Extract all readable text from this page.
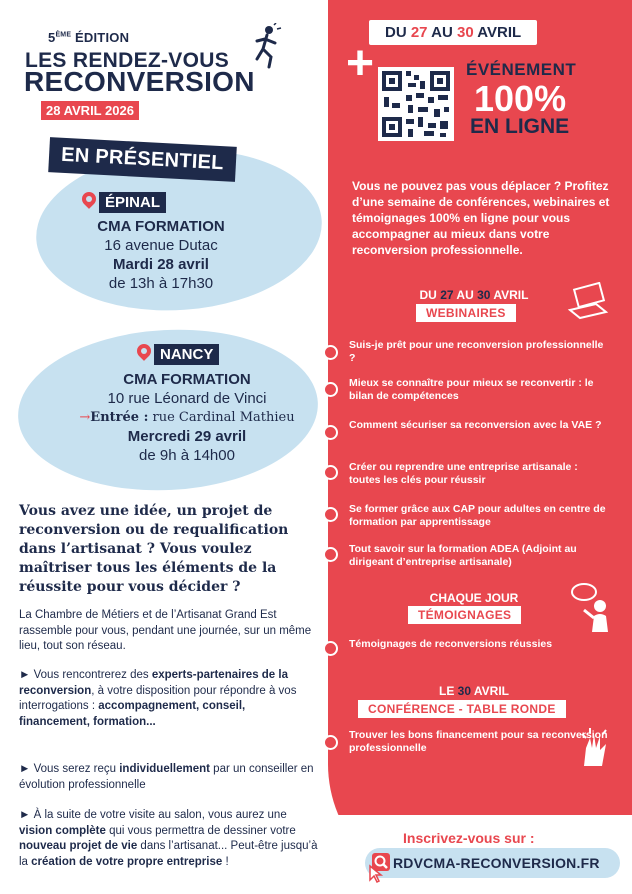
5ÈME ÉDITION
LES RENDEZ-VOUS
RECONVERSION
28 AVRIL 2026
EN PRÉSENTIEL
ÉPINAL
CMA FORMATION
16 avenue Dutac
Mardi 28 avril
de 13h à 17h30
NANCY
CMA FORMATION
10 rue Léonard de Vinci
→Entrée : rue Cardinal Mathieu
Mercredi 29 avril
de 9h à 14h00
Vous avez une idée, un projet de reconversion ou de requalification dans l’artisanat ? Vous voulez maîtriser tous les éléments de la réussite pour vous décider ?
La Chambre de Métiers et de l’Artisanat Grand Est rassemble pour vous, pendant une journée, sur un même lieu, tout son réseau.
► Vous rencontrerez des experts-partenaires de la reconversion, à votre disposition pour répondre à vos interrogations : accompagnement, conseil, financement, formation...
► Vous serez reçu individuellement par un conseiller en évolution professionnelle
► À la suite de votre visite au salon, vous aurez une vision complète qui vous permettra de dessiner votre nouveau projet de vie dans l’artisanat... Peut-être jusqu’à la création de votre propre entreprise !
DU 27 AU 30 AVRIL
+	ÉVÉNEMENT
100%
EN LIGNE
Vous ne pouvez pas vous déplacer ? Profitez d’une semaine de conférences, webinaires et témoignages 100% en ligne pour vous accompagner au mieux dans votre reconversion professionnelle.
DU 27 AU 30 AVRIL
WEBINAIRES
Suis-je prêt pour une reconversion professionnelle ?
Mieux se connaître pour mieux se reconvertir : le bilan de compétences
Comment sécuriser sa reconversion avec la VAE ?
Créer ou reprendre une entreprise artisanale : toutes les clés pour réussir
Se former grâce aux CAP pour adultes en centre de formation par apprentissage
Tout savoir sur la formation ADEA (Adjoint au dirigeant d’entreprise artisanale)
CHAQUE JOUR
TÉMOIGNAGES
Témoignages de reconversions réussies
LE 30 AVRIL
CONFÉRENCE - TABLE RONDE
Trouver les bons financement pour sa reconversion professionnelle
Inscrivez-vous sur :
RDVCMA-RECONVERSION.FR
